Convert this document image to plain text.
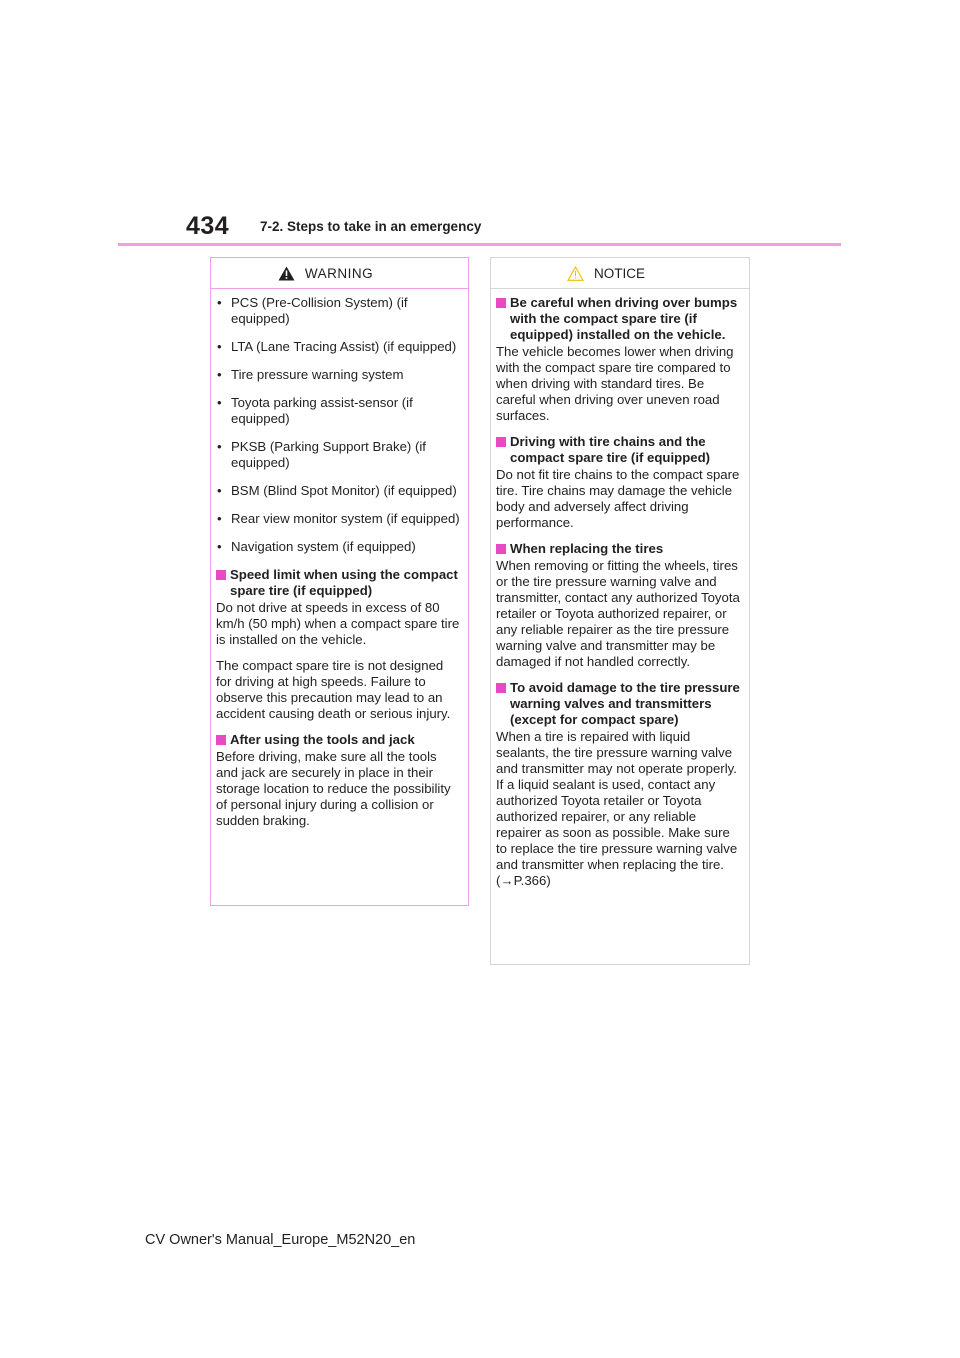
434 7-2. Steps to take in an emergency
WARNING
• PCS (Pre-Collision System) (if equipped)
• LTA (Lane Tracing Assist) (if equipped)
• Tire pressure warning system
• Toyota parking assist-sensor (if equipped)
• PKSB (Parking Support Brake) (if equipped)
• BSM (Blind Spot Monitor) (if equipped)
• Rear view monitor system (if equipped)
• Navigation system (if equipped)
Speed limit when using the compact spare tire (if equipped)

Do not drive at speeds in excess of 80 km/h (50 mph) when a compact spare tire is installed on the vehicle.

The compact spare tire is not designed for driving at high speeds. Failure to observe this precaution may lead to an accident causing death or serious injury.

After using the tools and jack

Before driving, make sure all the tools and jack are securely in place in their storage location to reduce the possibility of personal injury during a collision or sudden braking.

NOTICE
Be careful when driving over bumps with the compact spare tire (if equipped) installed on the vehicle.

The vehicle becomes lower when driving with the compact spare tire compared to when driving with standard tires. Be careful when driving over uneven road surfaces.

Driving with tire chains and the compact spare tire (if equipped)

Do not fit tire chains to the compact spare tire. Tire chains may damage the vehicle body and adversely affect driving performance.

When replacing the tires

When removing or fitting the wheels, tires or the tire pressure warning valve and transmitter, contact any authorized Toyota retailer or Toyota authorized repairer, or any reliable repairer as the tire pressure warning valve and transmitter may be damaged if not handled correctly.

To avoid damage to the tire pressure warning valves and transmitters (except for compact spare)

When a tire is repaired with liquid sealants, the tire pressure warning valve and transmitter may not operate properly. If a liquid sealant is used, contact any authorized Toyota retailer or Toyota authorized repairer, or any reliable repairer as soon as possible. Make sure to replace the tire pressure warning valve and transmitter when replacing the tire. (→P.366)

CV Owner's Manual_Europe_M52N20_en
